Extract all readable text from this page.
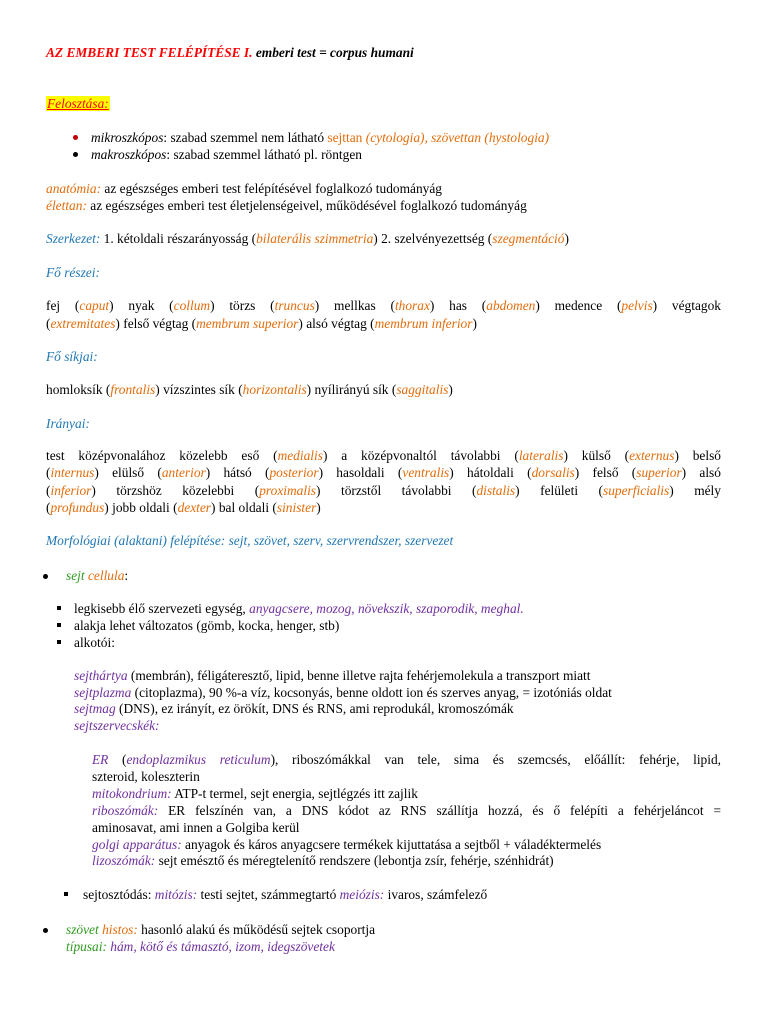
AZ EMBERI TEST FELÉPÍTÉSE I. emberi test = corpus humani
Felosztása:
mikroszkópos: szabad szemmel nem látható sejttan (cytologia), szövettan (hystologia)
makroszkópos: szabad szemmel látható pl. röntgen
anatómia: az egészséges emberi test felépítésével foglalkozó tudományág
élettan: az egészséges emberi test életjelenségeivel, működésével foglalkozó tudományág
Szerkezet: 1. kétoldali részarányosság (bilaterális szimmetria) 2. szelvényezettség (szegmentáció)
Fő részei:
fej (caput) nyak (collum) törzs (truncus) mellkas (thorax) has (abdomen) medence (pelvis) végtagok
(extremitates) felső végtag (membrum superior) alsó végtag (membrum inferior)
Fő síkjai:
homloksík (frontalis) vízszintes sík (horizontalis) nyílirányú sík (saggitalis)
Irányai:
test középvonalához közelebb eső (medialis) a középvonaltól távolabbi (lateralis) külső (externus) belső
(internus) elülső (anterior) hátsó (posterior) hasoldali (ventralis) hátoldali (dorsalis) felső (superior) alsó
(inferior) törzshöz közelebbi (proximalis) törzstől távolabbi (distalis) felületi (superficialis) mély
(profundus) jobb oldali (dexter) bal oldali (sinister)
Morfológiai (alaktani) felépítése: sejt, szövet, szerv, szervrendszer, szervezet
sejt cellula:
legkisebb élő szervezeti egység, anyagcsere, mozog, növekszik, szaporodik, meghal.
alakja lehet változatos (gömb, kocka, henger, stb)
alkotói:
sejthártya (membrán), féligáteresztő, lipid, benne illetve rajta fehérjemolekula a transzport miatt
sejtplazma (citoplazma), 90 %-a víz, kocsonyás, benne oldott ion és szerves anyag, = izotóniás oldat
sejtmag (DNS), ez irányít, ez örökít, DNS és RNS, ami reprodukál, kromoszómák
sejtszervecskék:
ER (endoplazmikus reticulum), riboszómákkal van tele, sima és szemcsés, előállít: fehérje, lipid,
szteroid, koleszterin
mitokondrium: ATP-t termel, sejt energia, sejtlégzés itt zajlik
riboszómák: ER felszínén van, a DNS kódot az RNS szállítja hozzá, és ő felépíti a fehérjeláncot =
aminosavat, ami innen a Golgiba kerül
golgi apparátus: anyagok és káros anyagcsere termékek kijuttatása a sejtből + váladéktermelés
lizoszómák: sejt emésztő és méregtelenítő rendszere (lebontja zsír, fehérje, szénhidrát)
sejtosztódás: mitózis: testi sejtet, számmegtartó meiózis: ivaros, számfelező
szövet histos: hasonló alakú és működésű sejtek csoportja
típusai: hám, kötő és támasztó, izom, idegszövetek
